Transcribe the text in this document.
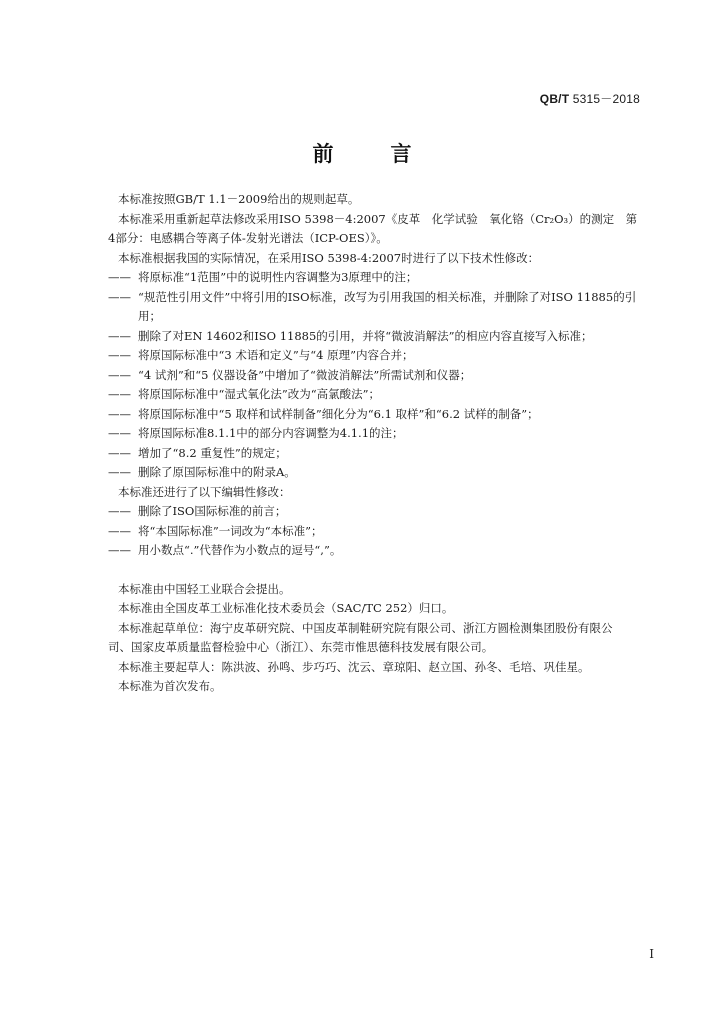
QB/T 5315－2018
前　言

本标准按照GB/T 1.1－2009给出的规则起草。

本标准采用重新起草法修改采用ISO 5398－4:2007《皮革　化学试验　氧化铬（Cr₂O₃）的测定　第

4部分：电感耦合等离子体-发射光谱法（ICP-OES）》。

本标准根据我国的实际情况，在采用ISO 5398-4:2007时进行了以下技术性修改：

—— 将原标准“1范围”中的说明性内容调整为3原理中的注；
—— “规范性引用文件”中将引用的ISO标准，改写为引用我国的相关标准，并删除了对ISO 11885的引用；
—— 删除了对EN 14602和ISO 11885的引用，并将“微波消解法”的相应内容直接写入标准；
—— 将原国际标准中“3 术语和定义”与“4 原理”内容合并；
—— “4 试剂”和“5 仪器设备”中增加了“微波消解法”所需试剂和仪器；
—— 将原国际标准中“湿式氧化法”改为“高氯酸法”；
—— 将原国际标准中“5 取样和试样制备”细化分为“6.1 取样”和“6.2 试样的制备”；
—— 将原国际标准8.1.1中的部分内容调整为4.1.1的注；
—— 增加了“8.2 重复性”的规定；
—— 删除了原国际标准中的附录A。

本标准还进行了以下编辑性修改：

—— 删除了ISO国际标准的前言；
—— 将“本国际标准”一词改为“本标准”；
—— 用小数点“.”代替作为小数点的逗号“,”。

本标准由中国轻工业联合会提出。

本标准由全国皮革工业标准化技术委员会（SAC/TC 252）归口。

本标准起草单位：海宁皮革研究院、中国皮革制鞋研究院有限公司、浙江方圆检测集团股份有限公

司、国家皮革质量监督检验中心（浙江）、东莞市惟思德科技发展有限公司。

本标准主要起草人：陈洪波、孙鸣、步巧巧、沈云、章琼阳、赵立国、孙冬、毛培、巩佳星。

本标准为首次发布。

I
